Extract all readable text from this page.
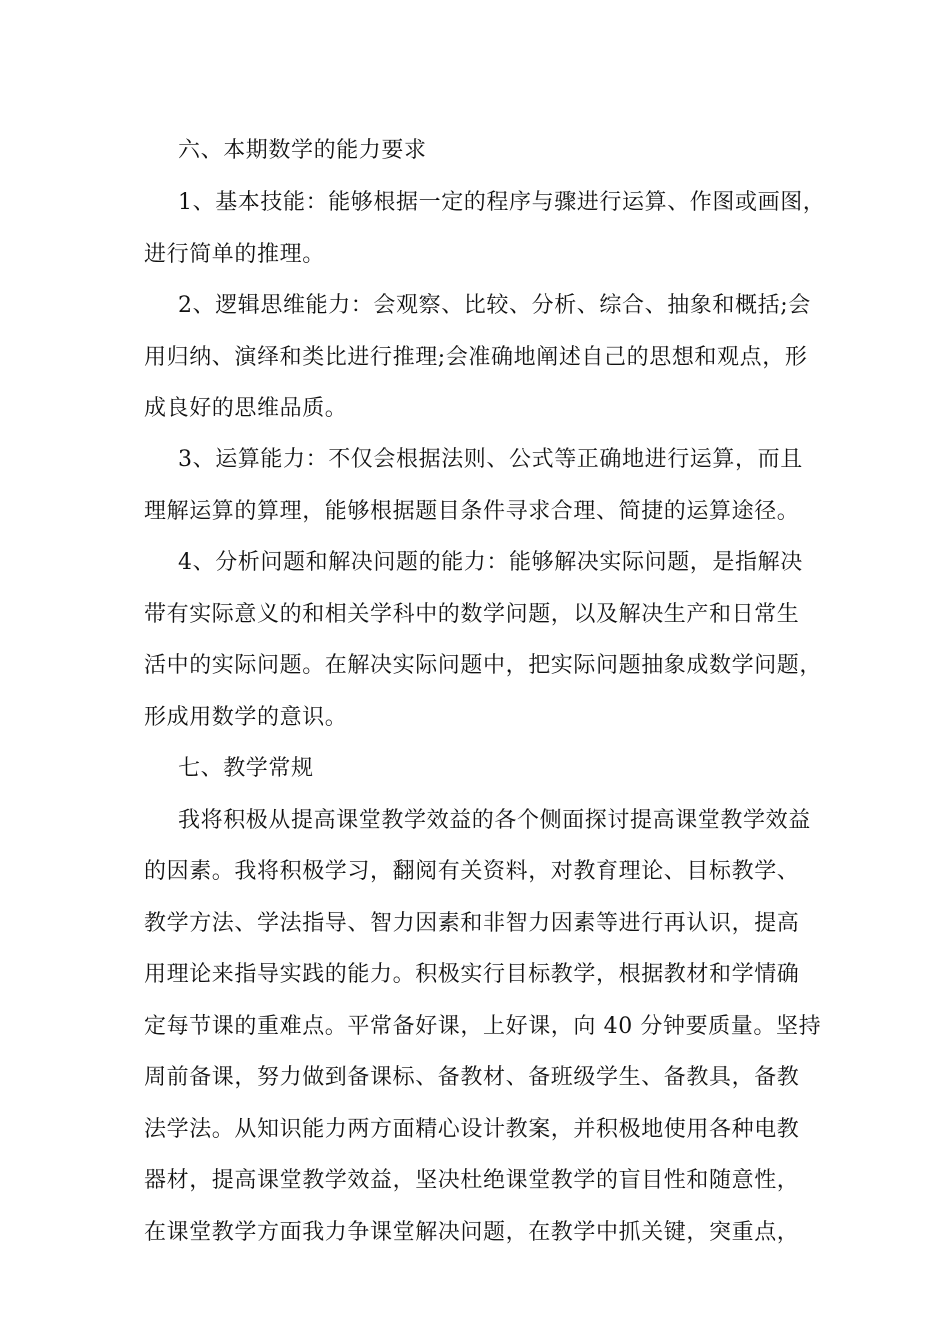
六、本期数学的能力要求
1、基本技能：能够根据一定的程序与骤进行运算、作图或画图，
进行简单的推理。
2、逻辑思维能力：会观察、比较、分析、综合、抽象和概括;会
用归纳、演绎和类比进行推理;会准确地阐述自己的思想和观点，形
成良好的思维品质。
3、运算能力：不仅会根据法则、公式等正确地进行运算，而且
理解运算的算理，能够根据题目条件寻求合理、简捷的运算途径。
4、分析问题和解决问题的能力：能够解决实际问题，是指解决
带有实际意义的和相关学科中的数学问题，以及解决生产和日常生
活中的实际问题。在解决实际问题中，把实际问题抽象成数学问题，
形成用数学的意识。
七、教学常规
我将积极从提高课堂教学效益的各个侧面探讨提高课堂教学效益
的因素。我将积极学习，翻阅有关资料，对教育理论、目标教学、
教学方法、学法指导、智力因素和非智力因素等进行再认识，提高
用理论来指导实践的能力。积极实行目标教学，根据教材和学情确
定每节课的重难点。平常备好课，上好课，向 40 分钟要质量。坚持
周前备课，努力做到备课标、备教材、备班级学生、备教具，备教
法学法。从知识能力两方面精心设计教案，并积极地使用各种电教
器材，提高课堂教学效益，坚决杜绝课堂教学的盲目性和随意性，
在课堂教学方面我力争课堂解决问题，在教学中抓关键，突重点，
